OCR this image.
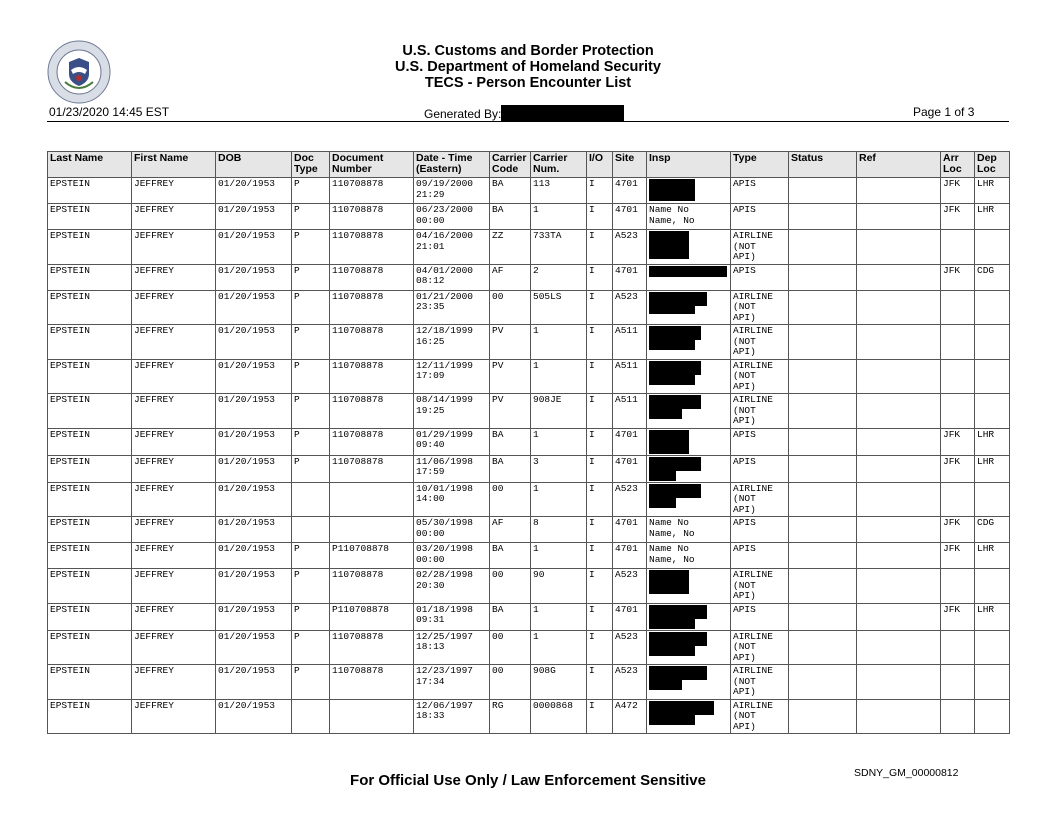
U.S. Customs and Border Protection
U.S. Department of Homeland Security
TECS - Person Encounter List
01/23/2020 14:45 EST	Generated By:	Page 1 of 3
Last Name	First Name	DOB	Doc Type	Document Number	Date - Time (Eastern)	Carrier Code	Carrier Num.	I/O	Site	Insp	Type	Status	Ref	Arr Loc	Dep Loc
EPSTEIN	JEFFREY	01/20/1953	P	110708878	09/19/2000
21:29	BA	113	I	4701		APIS			JFK	LHR
EPSTEIN	JEFFREY	01/20/1953	P	110708878	06/23/2000
00:00	BA	1	I	4701	Name No
Name, No	APIS			JFK	LHR
EPSTEIN	JEFFREY	01/20/1953	P	110708878	04/16/2000
21:01	ZZ	733TA	I	A523		AIRLINE
(NOT
API)				
EPSTEIN	JEFFREY	01/20/1953	P	110708878	04/01/2000
08:12	AF	2	I	4701		APIS			JFK	CDG
EPSTEIN	JEFFREY	01/20/1953	P	110708878	01/21/2000
23:35	00	505LS	I	A523		AIRLINE
(NOT
API)				
EPSTEIN	JEFFREY	01/20/1953	P	110708878	12/18/1999
16:25	PV	1	I	A511		AIRLINE
(NOT
API)				
EPSTEIN	JEFFREY	01/20/1953	P	110708878	12/11/1999
17:09	PV	1	I	A511		AIRLINE
(NOT
API)				
EPSTEIN	JEFFREY	01/20/1953	P	110708878	08/14/1999
19:25	PV	908JE	I	A511		AIRLINE
(NOT
API)				
EPSTEIN	JEFFREY	01/20/1953	P	110708878	01/29/1999
09:40	BA	1	I	4701		APIS			JFK	LHR
EPSTEIN	JEFFREY	01/20/1953	P	110708878	11/06/1998
17:59	BA	3	I	4701		APIS			JFK	LHR
EPSTEIN	JEFFREY	01/20/1953			10/01/1998
14:00	00	1	I	A523		AIRLINE
(NOT
API)				
EPSTEIN	JEFFREY	01/20/1953			05/30/1998
00:00	AF	8	I	4701	Name No
Name, No	APIS			JFK	CDG
EPSTEIN	JEFFREY	01/20/1953	P	P110708878	03/20/1998
00:00	BA	1	I	4701	Name No
Name, No	APIS			JFK	LHR
EPSTEIN	JEFFREY	01/20/1953	P	110708878	02/28/1998
20:30	00	90	I	A523		AIRLINE
(NOT
API)				
EPSTEIN	JEFFREY	01/20/1953	P	P110708878	01/18/1998
09:31	BA	1	I	4701		APIS			JFK	LHR
EPSTEIN	JEFFREY	01/20/1953	P	110708878	12/25/1997
18:13	00	1	I	A523		AIRLINE
(NOT
API)				
EPSTEIN	JEFFREY	01/20/1953	P	110708878	12/23/1997
17:34	00	908G	I	A523		AIRLINE
(NOT
API)				
EPSTEIN	JEFFREY	01/20/1953			12/06/1997
18:33	RG	0000868	I	A472		AIRLINE
(NOT
API)				
For Official Use Only / Law Enforcement Sensitive	SDNY_GM_00000812
